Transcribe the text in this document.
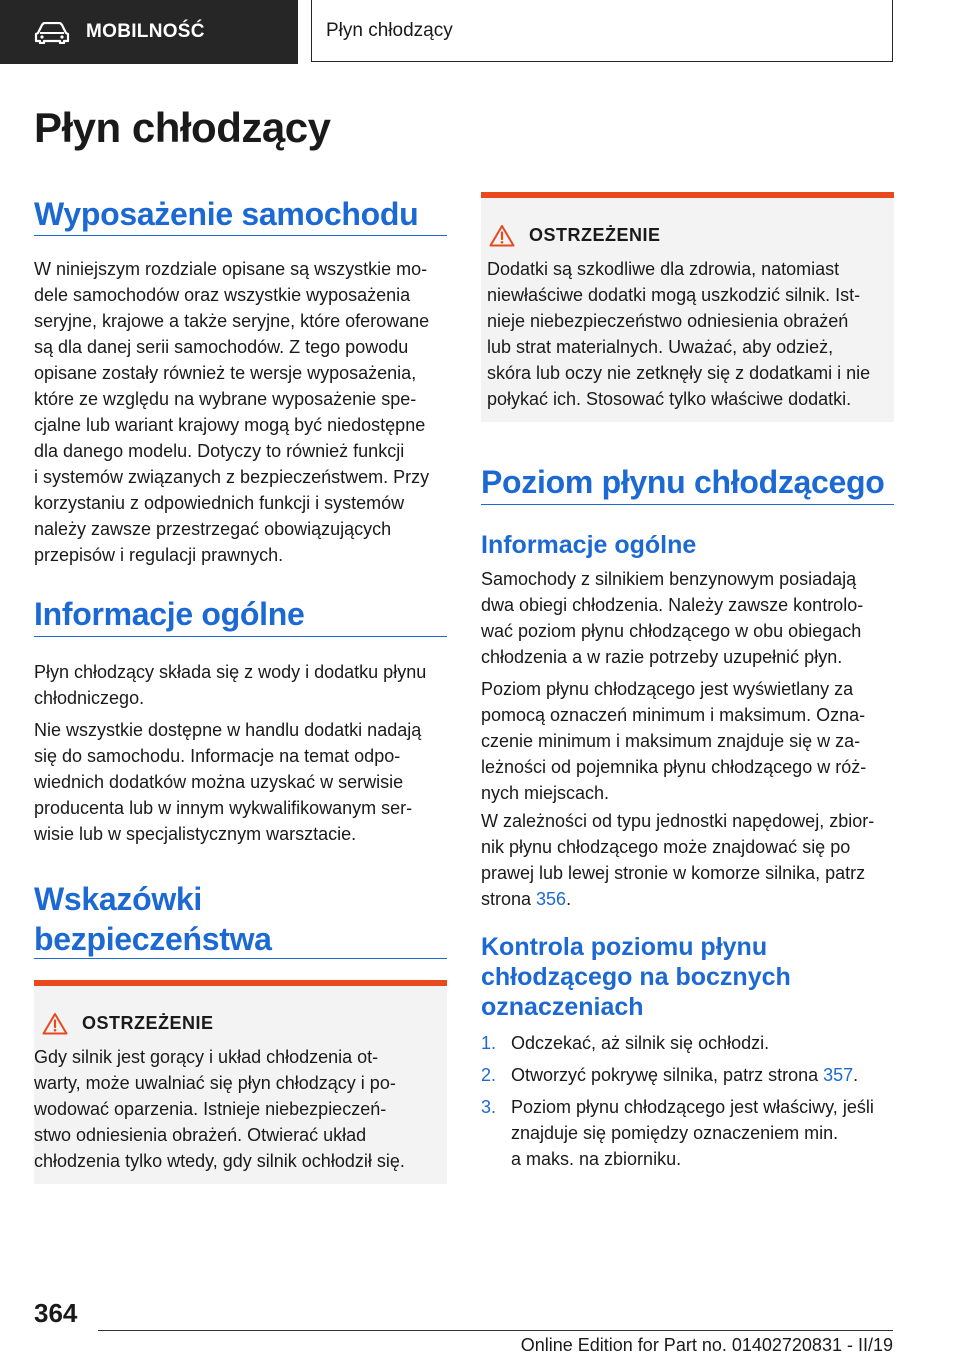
MOBILNOŚĆ	Płyn chłodzący
Płyn chłodzący
Wyposażenie samochodu

W niniejszym rozdziale opisane są wszystkie mo‐
dele samochodów oraz wszystkie wyposażenia
seryjne, krajowe a także seryjne, które oferowane
są dla danej serii samochodów. Z tego powodu
opisane zostały również te wersje wyposażenia,
które ze względu na wybrane wyposażenie spe‐
cjalne lub wariant krajowy mogą być niedostępne
dla danego modelu. Dotyczy to również funkcji
i systemów związanych z bezpieczeństwem. Przy
korzystaniu z odpowiednich funkcji i systemów
należy zawsze przestrzegać obowiązujących
przepisów i regulacji prawnych.

Informacje ogólne

Płyn chłodzący składa się z wody i dodatku płynu
chłodniczego.

Nie wszystkie dostępne w handlu dodatki nadają
się do samochodu. Informacje na temat odpo‐
wiednich dodatków można uzyskać w serwisie
producenta lub w innym wykwalifikowanym ser‐
wisie lub w specjalistycznym warsztacie.

Wskazówki
bezpieczeństwa
OSTRZEŻENIE

Gdy silnik jest gorący i układ chłodzenia ot‐
warty, może uwalniać się płyn chłodzący i po‐
wodować oparzenia. Istnieje niebezpieczeń‐
stwo odniesienia obrażeń. Otwierać układ
chłodzenia tylko wtedy, gdy silnik ochłodził się.

OSTRZEŻENIE

Dodatki są szkodliwe dla zdrowia, natomiast
niewłaściwe dodatki mogą uszkodzić silnik. Ist‐
nieje niebezpieczeństwo odniesienia obrażeń
lub strat materialnych. Uważać, aby odzież,
skóra lub oczy nie zetknęły się z dodatkami i nie
połykać ich. Stosować tylko właściwe dodatki.

Poziom płynu chłodzącego
Informacje ogólne

Samochody z silnikiem benzynowym posiadają
dwa obiegi chłodzenia. Należy zawsze kontrolo‐
wać poziom płynu chłodzącego w obu obiegach
chłodzenia a w razie potrzeby uzupełnić płyn.

Poziom płynu chłodzącego jest wyświetlany za
pomocą oznaczeń minimum i maksimum. Ozna‐
czenie minimum i maksimum znajduje się w za‐
leżności od pojemnika płynu chłodzącego w róż‐
nych miejscach.

W zależności od typu jednostki napędowej, zbior‐
nik płynu chłodzącego może znajdować się po
prawej lub lewej stronie w komorze silnika, patrz
strona 356.

Kontrola poziomu płynu
chłodzącego na bocznych
oznaczeniach
1. Odczekać, aż silnik się ochłodzi.
2. Otworzyć pokrywę silnika, patrz strona 357.
3. Poziom płynu chłodzącego jest właściwy, jeśli
znajduje się pomiędzy oznaczeniem min.
a maks. na zbiorniku.
364
Online Edition for Part no. 01402720831 - II/19
